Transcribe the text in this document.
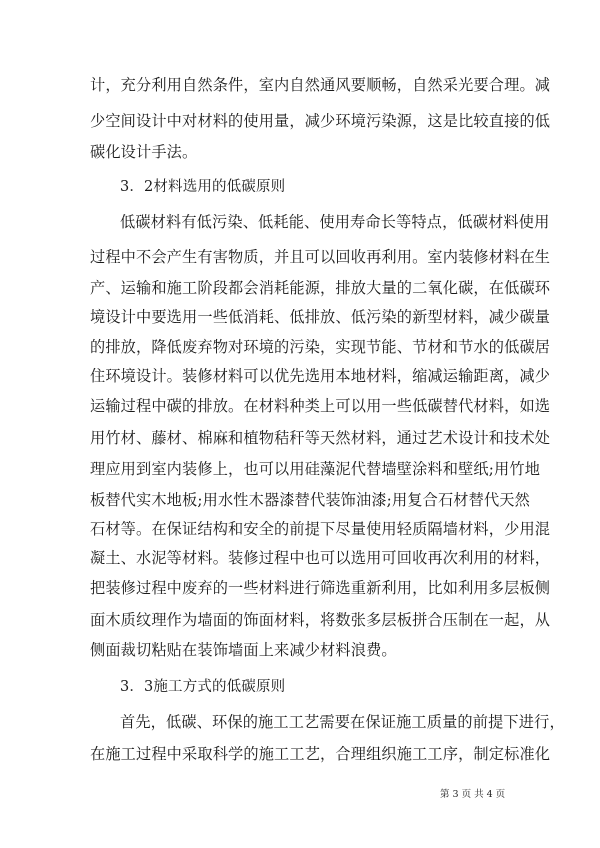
计，充分利用自然条件，室内自然通风要顺畅，自然采光要合理。减
少空间设计中对材料的使用量，减少环境污染源，这是比较直接的低
碳化设计手法。
3．2材料选用的低碳原则
低碳材料有低污染、低耗能、使用寿命长等特点，低碳材料使用
过程中不会产生有害物质，并且可以回收再利用。室内装修材料在生
产、运输和施工阶段都会消耗能源，排放大量的二氧化碳，在低碳环
境设计中要选用一些低消耗、低排放、低污染的新型材料，减少碳量
的排放，降低废弃物对环境的污染，实现节能、节材和节水的低碳居
住环境设计。装修材料可以优先选用本地材料，缩减运输距离，减少
运输过程中碳的排放。在材料种类上可以用一些低碳替代材料，如选
用竹材、藤材、棉麻和植物秸秆等天然材料，通过艺术设计和技术处
理应用到室内装修上，也可以用硅藻泥代替墙壁涂料和壁纸;用竹地
板替代实木地板;用水性木器漆替代装饰油漆;用复合石材替代天然
石材等。在保证结构和安全的前提下尽量使用轻质隔墙材料，少用混
凝土、水泥等材料。装修过程中也可以选用可回收再次利用的材料，
把装修过程中废弃的一些材料进行筛选重新利用，比如利用多层板侧
面木质纹理作为墙面的饰面材料，将数张多层板拼合压制在一起，从
侧面裁切粘贴在装饰墙面上来减少材料浪费。
3．3施工方式的低碳原则
首先，低碳、环保的施工工艺需要在保证施工质量的前提下进行，
在施工过程中采取科学的施工工艺，合理组织施工工序，制定标准化
第 3 页 共 4 页
